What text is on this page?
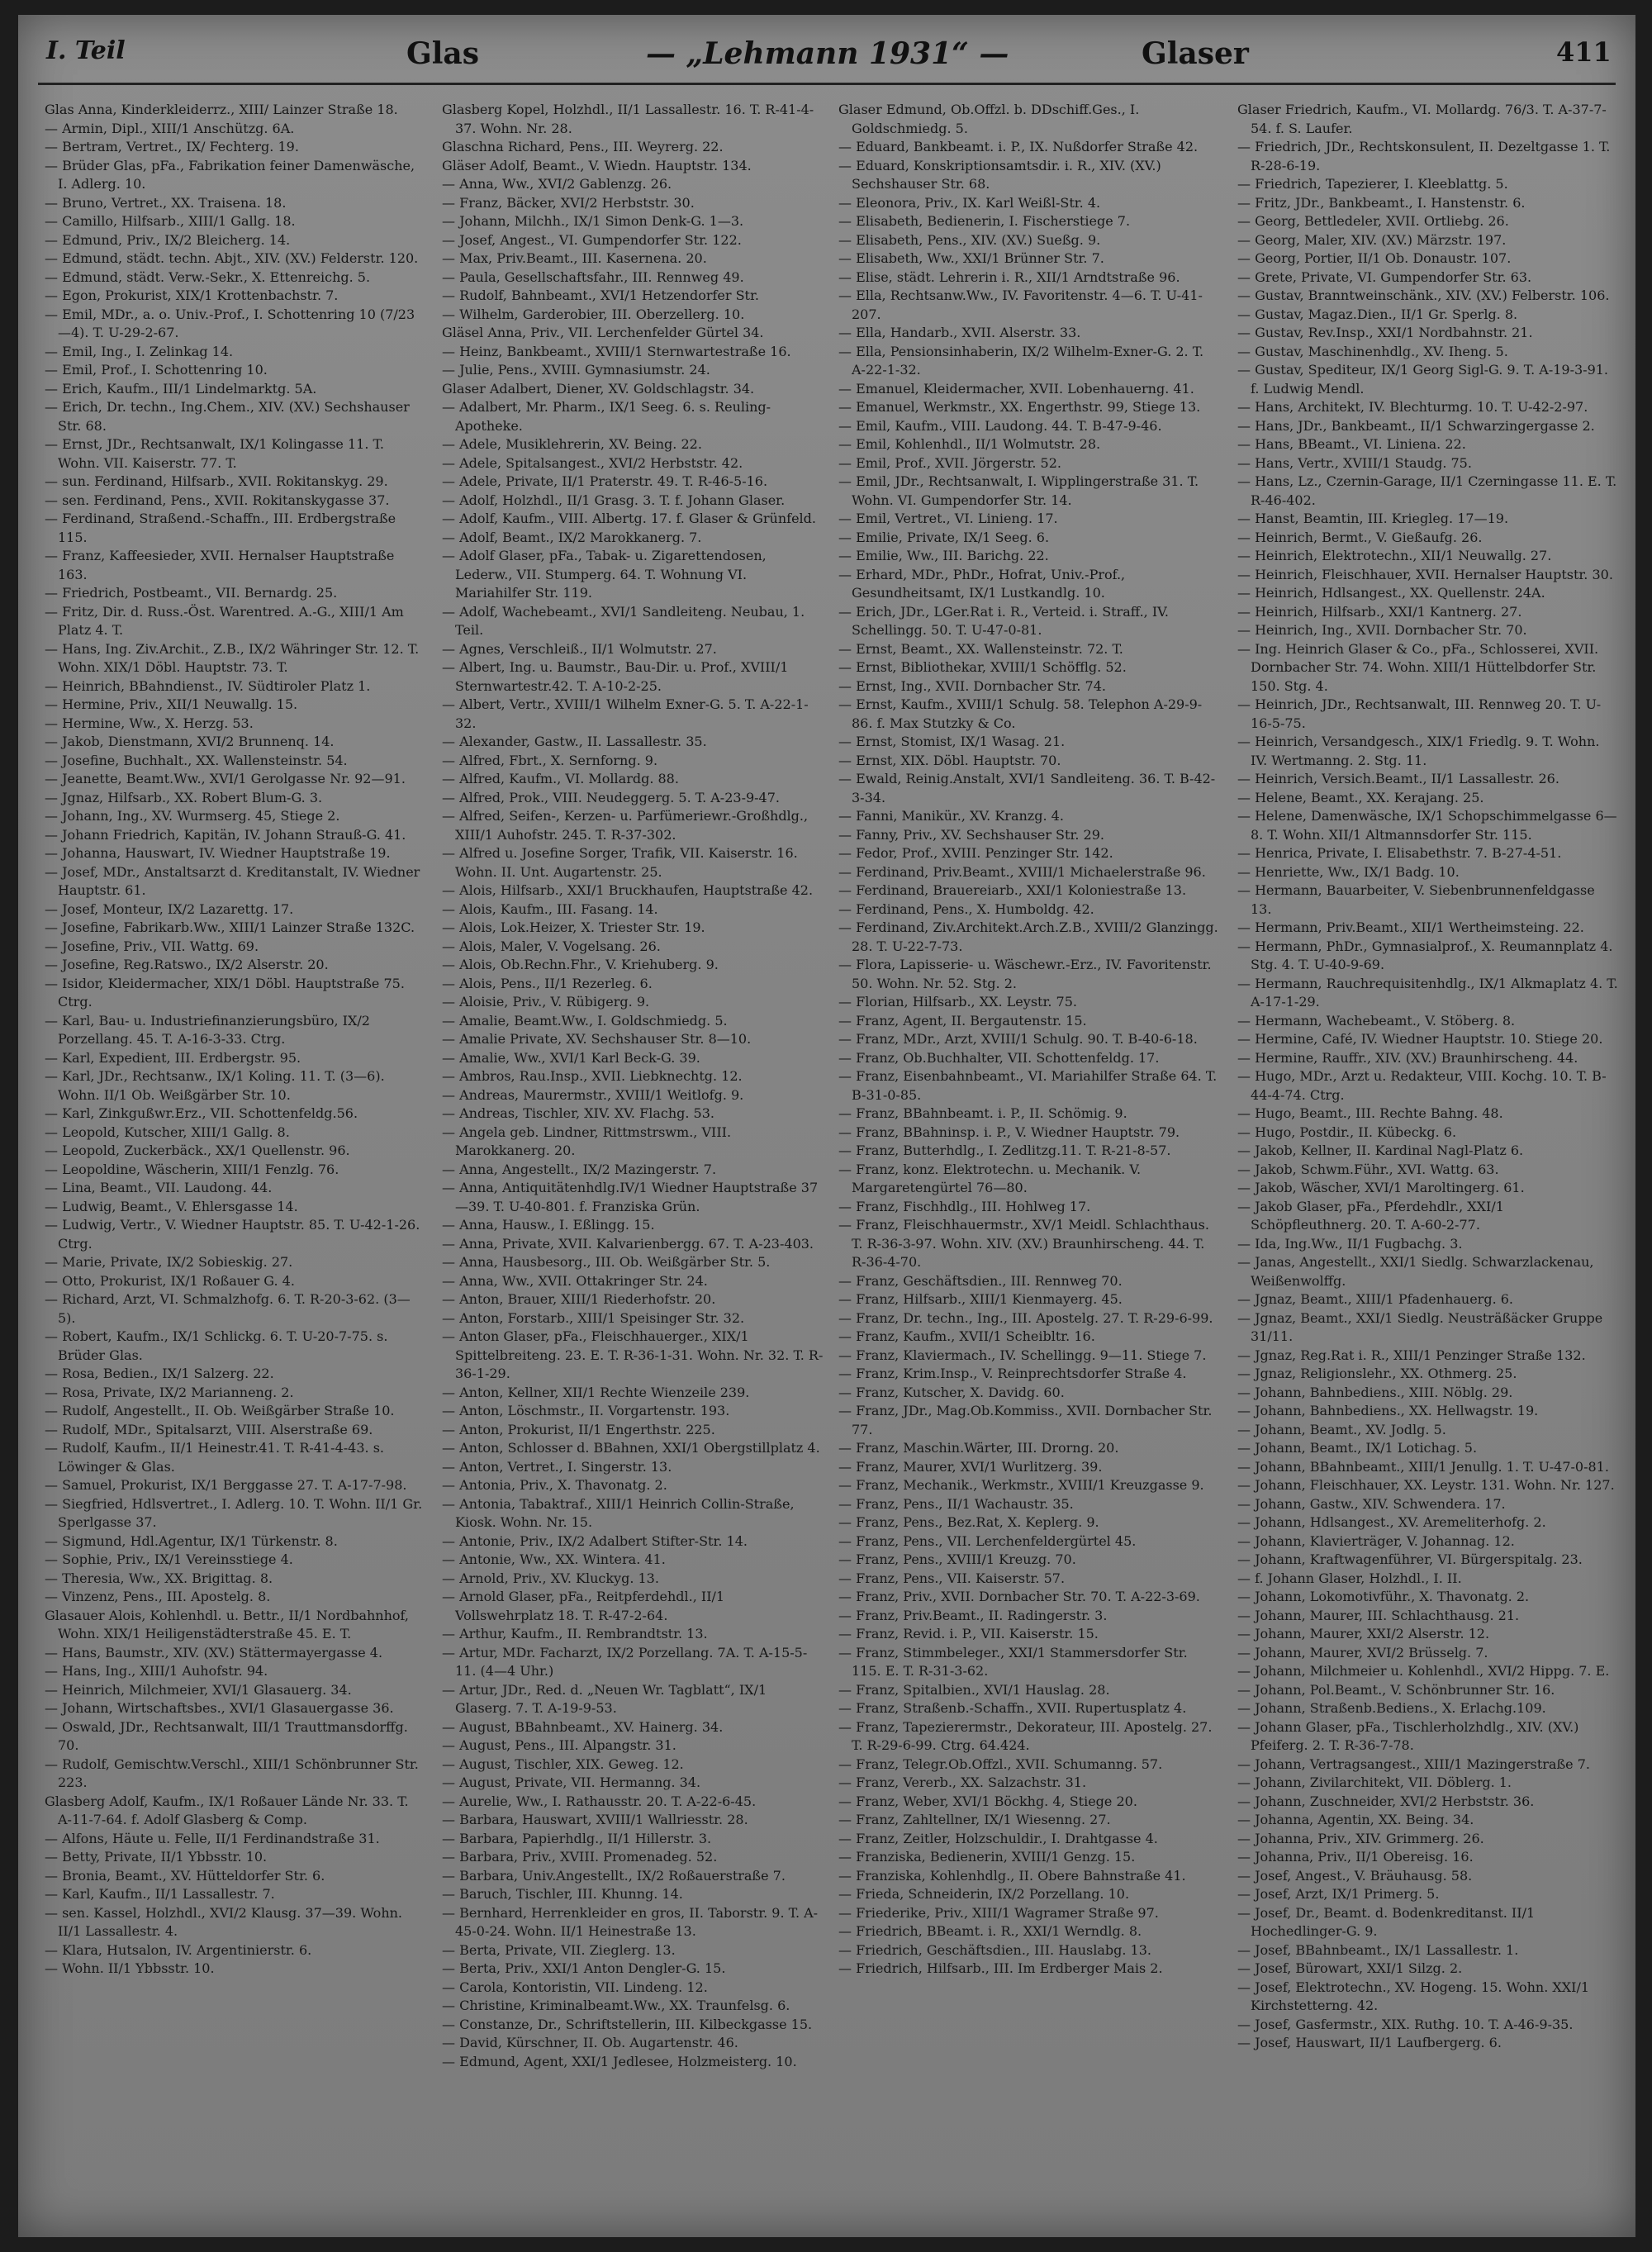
I. Teil	Glas	— „Lehmann 1931“ —	Glaser	411

Glas Anna, Kinderkleiderrz., XIII/ Lainzer Straße 18.

— Armin, Dipl., XIII/1 Anschützg. 6A.

— Bertram, Vertret., IX/ Fechterg. 19.

— Brüder Glas, pFa., Fabrikation feiner Damenwäsche, I. Adlerg. 10.

— Bruno, Vertret., XX. Traisena. 18.

— Camillo, Hilfsarb., XIII/1 Gallg. 18.

— Edmund, Priv., IX/2 Bleicherg. 14.

— Edmund, städt. techn. Abjt., XIV. (XV.) Felderstr. 120.

— Edmund, städt. Verw.-Sekr., X. Ettenreichg. 5.

— Egon, Prokurist, XIX/1 Krottenbachstr. 7.

— Emil, MDr., a. o. Univ.-Prof., I. Schottenring 10 (7/23—4). T. U-29-2-67.

— Emil, Ing., I. Zelinkag 14.

— Emil, Prof., I. Schottenring 10.

— Erich, Kaufm., III/1 Lindelmarktg. 5A.

— Erich, Dr. techn., Ing.Chem., XIV. (XV.) Sechshauser Str. 68.

— Ernst, JDr., Rechtsanwalt, IX/1 Kolingasse 11. T. Wohn. VII. Kaiserstr. 77. T.

— sun. Ferdinand, Hilfsarb., XVII. Rokitanskyg. 29.

— sen. Ferdinand, Pens., XVII. Rokitanskygasse 37.

— Ferdinand, Straßend.-Schaffn., III. Erdbergstraße 115.

— Franz, Kaffeesieder, XVII. Hernalser Hauptstraße 163.

— Friedrich, Postbeamt., VII. Bernardg. 25.

— Fritz, Dir. d. Russ.-Öst. Warentred. A.-G., XIII/1 Am Platz 4. T.

— Hans, Ing. Ziv.Archit., Z.B., IX/2 Währinger Str. 12. T. Wohn. XIX/1 Döbl. Hauptstr. 73. T.

— Heinrich, BBahndienst., IV. Südtiroler Platz 1.

— Hermine, Priv., XII/1 Neuwallg. 15.

— Hermine, Ww., X. Herzg. 53.

— Jakob, Dienstmann, XVI/2 Brunnenq. 14.

— Josefine, Buchhalt., XX. Wallensteinstr. 54.

— Jeanette, Beamt.Ww., XVI/1 Gerolgasse Nr. 92—91.

— Jgnaz, Hilfsarb., XX. Robert Blum-G. 3.

— Johann, Ing., XV. Wurmserg. 45, Stiege 2.

— Johann Friedrich, Kapitän, IV. Johann Strauß-G. 41.

— Johanna, Hauswart, IV. Wiedner Hauptstraße 19.

— Josef, MDr., Anstaltsarzt d. Kreditanstalt, IV. Wiedner Hauptstr. 61.

— Josef, Monteur, IX/2 Lazarettg. 17.

— Josefine, Fabrikarb.Ww., XIII/1 Lainzer Straße 132C.

— Josefine, Priv., VII. Wattg. 69.

— Josefine, Reg.Ratswo., IX/2 Alserstr. 20.

— Isidor, Kleidermacher, XIX/1 Döbl. Hauptstraße 75. Ctrg.

— Karl, Bau- u. Industriefinanzierungsbüro, IX/2 Porzellang. 45. T. A-16-3-33. Ctrg.

— Karl, Expedient, III. Erdbergstr. 95.

— Karl, JDr., Rechtsanw., IX/1 Koling. 11. T. (3—6). Wohn. II/1 Ob. Weißgärber Str. 10.

— Karl, Zinkgußwr.Erz., VII. Schottenfeldg.56.

— Leopold, Kutscher, XIII/1 Gallg. 8.

— Leopold, Zuckerbäck., XX/1 Quellenstr. 96.

— Leopoldine, Wäscherin, XIII/1 Fenzlg. 76.

— Lina, Beamt., VII. Laudong. 44.

— Ludwig, Beamt., V. Ehlersgasse 14.

— Ludwig, Vertr., V. Wiedner Hauptstr. 85. T. U-42-1-26. Ctrg.

— Marie, Private, IX/2 Sobieskig. 27.

— Otto, Prokurist, IX/1 Roßauer G. 4.

— Richard, Arzt, VI. Schmalzhofg. 6. T. R-20-3-62. (3—5).

— Robert, Kaufm., IX/1 Schlickg. 6. T. U-20-7-75. s. Brüder Glas.

— Rosa, Bedien., IX/1 Salzerg. 22.

— Rosa, Private, IX/2 Marianneng. 2.

— Rudolf, Angestellt., II. Ob. Weißgärber Straße 10.

— Rudolf, MDr., Spitalsarzt, VIII. Alserstraße 69.

— Rudolf, Kaufm., II/1 Heinestr.41. T. R-41-4-43. s. Löwinger & Glas.

— Samuel, Prokurist, IX/1 Berggasse 27. T. A-17-7-98.

— Siegfried, Hdlsvertret., I. Adlerg. 10. T. Wohn. II/1 Gr. Sperlgasse 37.

— Sigmund, Hdl.Agentur, IX/1 Türkenstr. 8.

— Sophie, Priv., IX/1 Vereinsstiege 4.

— Theresia, Ww., XX. Brigittag. 8.

— Vinzenz, Pens., III. Apostelg. 8.

Glasauer Alois, Kohlenhdl. u. Bettr., II/1 Nordbahnhof, Wohn. XIX/1 Heiligenstädterstraße 45. E. T.

— Hans, Baumstr., XIV. (XV.) Stättermayergasse 4.

— Hans, Ing., XIII/1 Auhofstr. 94.

— Heinrich, Milchmeier, XVI/1 Glasauerg. 34.

— Johann, Wirtschaftsbes., XVI/1 Glasauergasse 36.

— Oswald, JDr., Rechtsanwalt, III/1 Trauttmansdorffg. 70.

— Rudolf, Gemischtw.Verschl., XIII/1 Schönbrunner Str. 223.

Glasberg Adolf, Kaufm., IX/1 Roßauer Lände Nr. 33. T. A-11-7-64. f. Adolf Glasberg & Comp.

— Alfons, Häute u. Felle, II/1 Ferdinandstraße 31.

— Betty, Private, II/1 Ybbsstr. 10.

— Bronia, Beamt., XV. Hütteldorfer Str. 6.

— Karl, Kaufm., II/1 Lassallestr. 7.

— sen. Kassel, Holzhdl., XVI/2 Klausg. 37—39. Wohn. II/1 Lassallestr. 4.

— Klara, Hutsalon, IV. Argentinierstr. 6.

— Wohn. II/1 Ybbsstr. 10.

Glasberg Kopel, Holzhdl., II/1 Lassallestr. 16. T. R-41-4-37. Wohn. Nr. 28.

Glaschna Richard, Pens., III. Weyrerg. 22.

Gläser Adolf, Beamt., V. Wiedn. Hauptstr. 134.

— Anna, Ww., XVI/2 Gablenzg. 26.

— Franz, Bäcker, XVI/2 Herbststr. 30.

— Johann, Milchh., IX/1 Simon Denk-G. 1—3.

— Josef, Angest., VI. Gumpendorfer Str. 122.

— Max, Priv.Beamt., III. Kasernena. 20.

— Paula, Gesellschaftsfahr., III. Rennweg 49.

— Rudolf, Bahnbeamt., XVI/1 Hetzendorfer Str.

— Wilhelm, Garderobier, III. Oberzellerg. 10.

Gläsel Anna, Priv., VII. Lerchenfelder Gürtel 34.

— Heinz, Bankbeamt., XVIII/1 Sternwartestraße 16.

— Julie, Pens., XVIII. Gymnasiumstr. 24.

Glaser Adalbert, Diener, XV. Goldschlagstr. 34.

— Adalbert, Mr. Pharm., IX/1 Seeg. 6. s. Reuling-Apotheke.

— Adele, Musiklehrerin, XV. Being. 22.

— Adele, Spitalsangest., XVI/2 Herbststr. 42.

— Adele, Private, II/1 Praterstr. 49. T. R-46-5-16.

— Adolf, Holzhdl., II/1 Grasg. 3. T. f. Johann Glaser.

— Adolf, Kaufm., VIII. Albertg. 17. f. Glaser & Grünfeld.

— Adolf, Beamt., IX/2 Marokkanerg. 7.

— Adolf Glaser, pFa., Tabak- u. Zigarettendosen, Lederw., VII. Stumperg. 64. T. Wohnung VI. Mariahilfer Str. 119.

— Adolf, Wachebeamt., XVI/1 Sandleiteng. Neubau, 1. Teil.

— Agnes, Verschleiß., II/1 Wolmutstr. 27.

— Albert, Ing. u. Baumstr., Bau-Dir. u. Prof., XVIII/1 Sternwartestr.42. T. A-10-2-25.

— Albert, Vertr., XVIII/1 Wilhelm Exner-G. 5. T. A-22-1-32.

— Alexander, Gastw., II. Lassallestr. 35.

— Alfred, Fbrt., X. Sernforng. 9.

— Alfred, Kaufm., VI. Mollardg. 88.

— Alfred, Prok., VIII. Neudeggerg. 5. T. A-23-9-47.

— Alfred, Seifen-, Kerzen- u. Parfümeriewr.-Großhdlg., XIII/1 Auhofstr. 245. T. R-37-302.

— Alfred u. Josefine Sorger, Trafik, VII. Kaiserstr. 16. Wohn. II. Unt. Augartenstr. 25.

— Alois, Hilfsarb., XXI/1 Bruckhaufen, Hauptstraße 42.

— Alois, Kaufm., III. Fasang. 14.

— Alois, Lok.Heizer, X. Triester Str. 19.

— Alois, Maler, V. Vogelsang. 26.

— Alois, Ob.Rechn.Fhr., V. Kriehuberg. 9.

— Alois, Pens., II/1 Rezerleg. 6.

— Aloisie, Priv., V. Rübigerg. 9.

— Amalie, Beamt.Ww., I. Goldschmiedg. 5.

— Amalie Private, XV. Sechshauser Str. 8—10.

— Amalie, Ww., XVI/1 Karl Beck-G. 39.

— Ambros, Rau.Insp., XVII. Liebknechtg. 12.

— Andreas, Maurermstr., XVIII/1 Weitlofg. 9.

— Andreas, Tischler, XIV. XV. Flachg. 53.

— Angela geb. Lindner, Rittmstrswm., VIII. Marokkanerg. 20.

— Anna, Angestellt., IX/2 Mazingerstr. 7.

— Anna, Antiquitätenhdlg.IV/1 Wiedner Hauptstraße 37—39. T. U-40-801. f. Franziska Grün.

— Anna, Hausw., I. Eßlingg. 15.

— Anna, Private, XVII. Kalvarienbergg. 67. T. A-23-403.

— Anna, Hausbesorg., III. Ob. Weißgärber Str. 5.

— Anna, Ww., XVII. Ottakringer Str. 24.

— Anton, Brauer, XIII/1 Riederhofstr. 20.

— Anton, Forstarb., XIII/1 Speisinger Str. 32.

— Anton Glaser, pFa., Fleischhauerger., XIX/1 Spittelbreiteng. 23. E. T. R-36-1-31. Wohn. Nr. 32. T. R-36-1-29.

— Anton, Kellner, XII/1 Rechte Wienzeile 239.

— Anton, Löschmstr., II. Vorgartenstr. 193.

— Anton, Prokurist, II/1 Engerthstr. 225.

— Anton, Schlosser d. BBahnen, XXI/1 Obergstillplatz 4.

— Anton, Vertret., I. Singerstr. 13.

— Antonia, Priv., X. Thavonatg. 2.

— Antonia, Tabaktraf., XIII/1 Heinrich Collin-Straße, Kiosk. Wohn. Nr. 15.

— Antonie, Priv., IX/2 Adalbert Stifter-Str. 14.

— Antonie, Ww., XX. Wintera. 41.

— Arnold, Priv., XV. Kluckyg. 13.

— Arnold Glaser, pFa., Reitpferdehdl., II/1 Vollswehrplatz 18. T. R-47-2-64.

— Arthur, Kaufm., II. Rembrandtstr. 13.

— Artur, MDr. Facharzt, IX/2 Porzellang. 7A. T. A-15-5-11. (4—4 Uhr.)

— Artur, JDr., Red. d. „Neuen Wr. Tagblatt“, IX/1 Glaserg. 7. T. A-19-9-53.

— August, BBahnbeamt., XV. Hainerg. 34.

— August, Pens., III. Alpangstr. 31.

— August, Tischler, XIX. Geweg. 12.

— August, Private, VII. Hermanng. 34.

— Aurelie, Ww., I. Rathausstr. 20. T. A-22-6-45.

— Barbara, Hauswart, XVIII/1 Wallriesstr. 28.

— Barbara, Papierhdlg., II/1 Hillerstr. 3.

— Barbara, Priv., XVIII. Promenadeg. 52.

— Barbara, Univ.Angestellt., IX/2 Roßauerstraße 7.

— Baruch, Tischler, III. Khunng. 14.

— Bernhard, Herrenkleider en gros, II. Taborstr. 9. T. A-45-0-24. Wohn. II/1 Heinestraße 13.

— Berta, Private, VII. Zieglerg. 13.

— Berta, Priv., XXI/1 Anton Dengler-G. 15.

— Carola, Kontoristin, VII. Lindeng. 12.

— Christine, Kriminalbeamt.Ww., XX. Traunfelsg. 6.

— Constanze, Dr., Schriftstellerin, III. Kilbeckgasse 15.

— David, Kürschner, II. Ob. Augartenstr. 46.

— Edmund, Agent, XXI/1 Jedlesee, Holzmeisterg. 10.

Glaser Edmund, Ob.Offzl. b. DDschiff.Ges., I. Goldschmiedg. 5.

— Eduard, Bankbeamt. i. P., IX. Nußdorfer Straße 42.

— Eduard, Konskriptionsamtsdir. i. R., XIV. (XV.) Sechshauser Str. 68.

— Eleonora, Priv., IX. Karl Weißl-Str. 4.

— Elisabeth, Bedienerin, I. Fischerstiege 7.

— Elisabeth, Pens., XIV. (XV.) Sueßg. 9.

— Elisabeth, Ww., XXI/1 Brünner Str. 7.

— Elise, städt. Lehrerin i. R., XII/1 Arndtstraße 96.

— Ella, Rechtsanw.Ww., IV. Favoritenstr. 4—6. T. U-41-207.

— Ella, Handarb., XVII. Alserstr. 33.

— Ella, Pensionsinhaberin, IX/2 Wilhelm-Exner-G. 2. T. A-22-1-32.

— Emanuel, Kleidermacher, XVII. Lobenhauerng. 41.

— Emanuel, Werkmstr., XX. Engerthstr. 99, Stiege 13.

— Emil, Kaufm., VIII. Laudong. 44. T. B-47-9-46.

— Emil, Kohlenhdl., II/1 Wolmutstr. 28.

— Emil, Prof., XVII. Jörgerstr. 52.

— Emil, JDr., Rechtsanwalt, I. Wipplingerstraße 31. T. Wohn. VI. Gumpendorfer Str. 14.

— Emil, Vertret., VI. Linieng. 17.

— Emilie, Private, IX/1 Seeg. 6.

— Emilie, Ww., III. Barichg. 22.

— Erhard, MDr., PhDr., Hofrat, Univ.-Prof., Gesundheitsamt, IX/1 Lustkandlg. 10.

— Erich, JDr., LGer.Rat i. R., Verteid. i. Straff., IV. Schellingg. 50. T. U-47-0-81.

— Ernst, Beamt., XX. Wallensteinstr. 72. T.

— Ernst, Bibliothekar, XVIII/1 Schöfflg. 52.

— Ernst, Ing., XVII. Dornbacher Str. 74.

— Ernst, Kaufm., XVIII/1 Schulg. 58. Telephon A-29-9-86. f. Max Stutzky & Co.

— Ernst, Stomist, IX/1 Wasag. 21.

— Ernst, XIX. Döbl. Hauptstr. 70.

— Ewald, Reinig.Anstalt, XVI/1 Sandleiteng. 36. T. B-42-3-34.

— Fanni, Manikür., XV. Kranzg. 4.

— Fanny, Priv., XV. Sechshauser Str. 29.

— Fedor, Prof., XVIII. Penzinger Str. 142.

— Ferdinand, Priv.Beamt., XVIII/1 Michaelerstraße 96.

— Ferdinand, Brauereiarb., XXI/1 Koloniestraße 13.

— Ferdinand, Pens., X. Humboldg. 42.

— Ferdinand, Ziv.Architekt.Arch.Z.B., XVIII/2 Glanzingg. 28. T. U-22-7-73.

— Flora, Lapisserie- u. Wäschewr.-Erz., IV. Favoritenstr. 50. Wohn. Nr. 52. Stg. 2.

— Florian, Hilfsarb., XX. Leystr. 75.

— Franz, Agent, II. Bergautenstr. 15.

— Franz, MDr., Arzt, XVIII/1 Schulg. 90. T. B-40-6-18.

— Franz, Ob.Buchhalter, VII. Schottenfeldg. 17.

— Franz, Eisenbahnbeamt., VI. Mariahilfer Straße 64. T. B-31-0-85.

— Franz, BBahnbeamt. i. P., II. Schömig. 9.

— Franz, BBahninsp. i. P., V. Wiedner Hauptstr. 79.

— Franz, Butterhdlg., I. Zedlitzg.11. T. R-21-8-57.

— Franz, konz. Elektrotechn. u. Mechanik. V. Margaretengürtel 76—80.

— Franz, Fischhdlg., III. Hohlweg 17.

— Franz, Fleischhauermstr., XV/1 Meidl. Schlachthaus. T. R-36-3-97. Wohn. XIV. (XV.) Braunhirscheng. 44. T. R-36-4-70.

— Franz, Geschäftsdien., III. Rennweg 70.

— Franz, Hilfsarb., XIII/1 Kienmayerg. 45.

— Franz, Dr. techn., Ing., III. Apostelg. 27. T. R-29-6-99.

— Franz, Kaufm., XVII/1 Scheibltr. 16.

— Franz, Klaviermach., IV. Schellingg. 9—11. Stiege 7.

— Franz, Krim.Insp., V. Reinprechtsdorfer Straße 4.

— Franz, Kutscher, X. Davidg. 60.

— Franz, JDr., Mag.Ob.Kommiss., XVII. Dornbacher Str. 77.

— Franz, Maschin.Wärter, III. Drorng. 20.

— Franz, Maurer, XVI/1 Wurlitzerg. 39.

— Franz, Mechanik., Werkmstr., XVIII/1 Kreuzgasse 9.

— Franz, Pens., II/1 Wachaustr. 35.

— Franz, Pens., Bez.Rat, X. Keplerg. 9.

— Franz, Pens., VII. Lerchenfeldergürtel 45.

— Franz, Pens., XVIII/1 Kreuzg. 70.

— Franz, Pens., VII. Kaiserstr. 57.

— Franz, Priv., XVII. Dornbacher Str. 70. T. A-22-3-69.

— Franz, Priv.Beamt., II. Radingerstr. 3.

— Franz, Revid. i. P., VII. Kaiserstr. 15.

— Franz, Stimmbeleger., XXI/1 Stammersdorfer Str. 115. E. T. R-31-3-62.

— Franz, Spitalbien., XVI/1 Hauslag. 28.

— Franz, Straßenb.-Schaffn., XVII. Rupertusplatz 4.

— Franz, Tapezierermstr., Dekorateur, III. Apostelg. 27. T. R-29-6-99. Ctrg. 64.424.

— Franz, Telegr.Ob.Offzl., XVII. Schumanng. 57.

— Franz, Vererb., XX. Salzachstr. 31.

— Franz, Weber, XVI/1 Böckhg. 4, Stiege 20.

— Franz, Zahltellner, IX/1 Wiesenng. 27.

— Franz, Zeitler, Holzschuldir., I. Drahtgasse 4.

— Franziska, Bedienerin, XVIII/1 Genzg. 15.

— Franziska, Kohlenhdlg., II. Obere Bahnstraße 41.

— Frieda, Schneiderin, IX/2 Porzellang. 10.

— Friederike, Priv., XIII/1 Wagramer Straße 97.

— Friedrich, BBeamt. i. R., XXI/1 Werndlg. 8.

— Friedrich, Geschäftsdien., III. Hauslabg. 13.

— Friedrich, Hilfsarb., III. Im Erdberger Mais 2.

Glaser Friedrich, Kaufm., VI. Mollardg. 76/3. T. A-37-7-54. f. S. Laufer.

— Friedrich, JDr., Rechtskonsulent, II. Dezeltgasse 1. T. R-28-6-19.

— Friedrich, Tapezierer, I. Kleeblattg. 5.

— Fritz, JDr., Bankbeamt., I. Hanstenstr. 6.

— Georg, Bettledeler, XVII. Ortliebg. 26.

— Georg, Maler, XIV. (XV.) Märzstr. 197.

— Georg, Portier, II/1 Ob. Donaustr. 107.

— Grete, Private, VI. Gumpendorfer Str. 63.

— Gustav, Branntweinschänk., XIV. (XV.) Felberstr. 106.

— Gustav, Magaz.Dien., II/1 Gr. Sperlg. 8.

— Gustav, Rev.Insp., XXI/1 Nordbahnstr. 21.

— Gustav, Maschinenhdlg., XV. Iheng. 5.

— Gustav, Spediteur, IX/1 Georg Sigl-G. 9. T. A-19-3-91. f. Ludwig Mendl.

— Hans, Architekt, IV. Blechturmg. 10. T. U-42-2-97.

— Hans, JDr., Bankbeamt., II/1 Schwarzingergasse 2.

— Hans, BBeamt., VI. Liniena. 22.

— Hans, Vertr., XVIII/1 Staudg. 75.

— Hans, Lz., Czernin-Garage, II/1 Czerningasse 11. E. T. R-46-402.

— Hanst, Beamtin, III. Kriegleg. 17—19.

— Heinrich, Bermt., V. Gießaufg. 26.

— Heinrich, Elektrotechn., XII/1 Neuwallg. 27.

— Heinrich, Fleischhauer, XVII. Hernalser Hauptstr. 30.

— Heinrich, Hdlsangest., XX. Quellenstr. 24A.

— Heinrich, Hilfsarb., XXI/1 Kantnerg. 27.

— Heinrich, Ing., XVII. Dornbacher Str. 70.

— Ing. Heinrich Glaser & Co., pFa., Schlosserei, XVII. Dornbacher Str. 74. Wohn. XIII/1 Hüttelbdorfer Str. 150. Stg. 4.

— Heinrich, JDr., Rechtsanwalt, III. Rennweg 20. T. U-16-5-75.

— Heinrich, Versandgesch., XIX/1 Friedlg. 9. T. Wohn. IV. Wertmanng. 2. Stg. 11.

— Heinrich, Versich.Beamt., II/1 Lassallestr. 26.

— Helene, Beamt., XX. Kerajang. 25.

— Helene, Damenwäsche, IX/1 Schopschimmelgasse 6—8. T. Wohn. XII/1 Altmannsdorfer Str. 115.

— Henrica, Private, I. Elisabethstr. 7. B-27-4-51.

— Henriette, Ww., IX/1 Badg. 10.

— Hermann, Bauarbeiter, V. Siebenbrunnenfeldgasse 13.

— Hermann, Priv.Beamt., XII/1 Wertheimsteing. 22.

— Hermann, PhDr., Gymnasialprof., X. Reumannplatz 4. Stg. 4. T. U-40-9-69.

— Hermann, Rauchrequisitenhdlg., IX/1 Alkmaplatz 4. T. A-17-1-29.

— Hermann, Wachebeamt., V. Stöberg. 8.

— Hermine, Café, IV. Wiedner Hauptstr. 10. Stiege 20.

— Hermine, Rauffr., XIV. (XV.) Braunhirscheng. 44.

— Hugo, MDr., Arzt u. Redakteur, VIII. Kochg. 10. T. B-44-4-74. Ctrg.

— Hugo, Beamt., III. Rechte Bahng. 48.

— Hugo, Postdir., II. Kübeckg. 6.

— Jakob, Kellner, II. Kardinal Nagl-Platz 6.

— Jakob, Schwm.Führ., XVI. Wattg. 63.

— Jakob, Wäscher, XVI/1 Maroltingerg. 61.

— Jakob Glaser, pFa., Pferdehdlr., XXI/1 Schöpfleuthnerg. 20. T. A-60-2-77.

— Ida, Ing.Ww., II/1 Fugbachg. 3.

— Janas, Angestellt., XXI/1 Siedlg. Schwarzlackenau, Weißenwolffg.

— Jgnaz, Beamt., XIII/1 Pfadenhauerg. 6.

— Jgnaz, Beamt., XXI/1 Siedlg. Neusträßäcker Gruppe 31/11.

— Jgnaz, Reg.Rat i. R., XIII/1 Penzinger Straße 132.

— Jgnaz, Religionslehr., XX. Othmerg. 25.

— Johann, Bahnbediens., XIII. Nöblg. 29.

— Johann, Bahnbediens., XX. Hellwagstr. 19.

— Johann, Beamt., XV. Jodlg. 5.

— Johann, Beamt., IX/1 Lotichag. 5.

— Johann, BBahnbeamt., XIII/1 Jenullg. 1. T. U-47-0-81.

— Johann, Fleischhauer, XX. Leystr. 131. Wohn. Nr. 127.

— Johann, Gastw., XIV. Schwendera. 17.

— Johann, Hdlsangest., XV. Aremeliterhofg. 2.

— Johann, Klavierträger, V. Johannag. 12.

— Johann, Kraftwagenführer, VI. Bürgerspitalg. 23.

— f. Johann Glaser, Holzhdl., I. II.

— Johann, Lokomotivführ., X. Thavonatg. 2.

— Johann, Maurer, III. Schlachthausg. 21.

— Johann, Maurer, XXI/2 Alserstr. 12.

— Johann, Maurer, XVI/2 Brüsselg. 7.

— Johann, Milchmeier u. Kohlenhdl., XVI/2 Hippg. 7. E.

— Johann, Pol.Beamt., V. Schönbrunner Str. 16.

— Johann, Straßenb.Bediens., X. Erlachg.109.

— Johann Glaser, pFa., Tischlerholzhdlg., XIV. (XV.) Pfeiferg. 2. T. R-36-7-78.

— Johann, Vertragsangest., XIII/1 Mazingerstraße 7.

— Johann, Zivilarchitekt, VII. Döblerg. 1.

— Johann, Zuschneider, XVI/2 Herbststr. 36.

— Johanna, Agentin, XX. Being. 34.

— Johanna, Priv., XIV. Grimmerg. 26.

— Johanna, Priv., II/1 Obereisg. 16.

— Josef, Angest., V. Bräuhausg. 58.

— Josef, Arzt, IX/1 Primerg. 5.

— Josef, Dr., Beamt. d. Bodenkreditanst. II/1 Hochedlinger-G. 9.

— Josef, BBahnbeamt., IX/1 Lassallestr. 1.

— Josef, Bürowart, XXI/1 Silzg. 2.

— Josef, Elektrotechn., XV. Hogeng. 15. Wohn. XXI/1 Kirchstetterng. 42.

— Josef, Gasfermstr., XIX. Ruthg. 10. T. A-46-9-35.

— Josef, Hauswart, II/1 Laufbergerg. 6.
